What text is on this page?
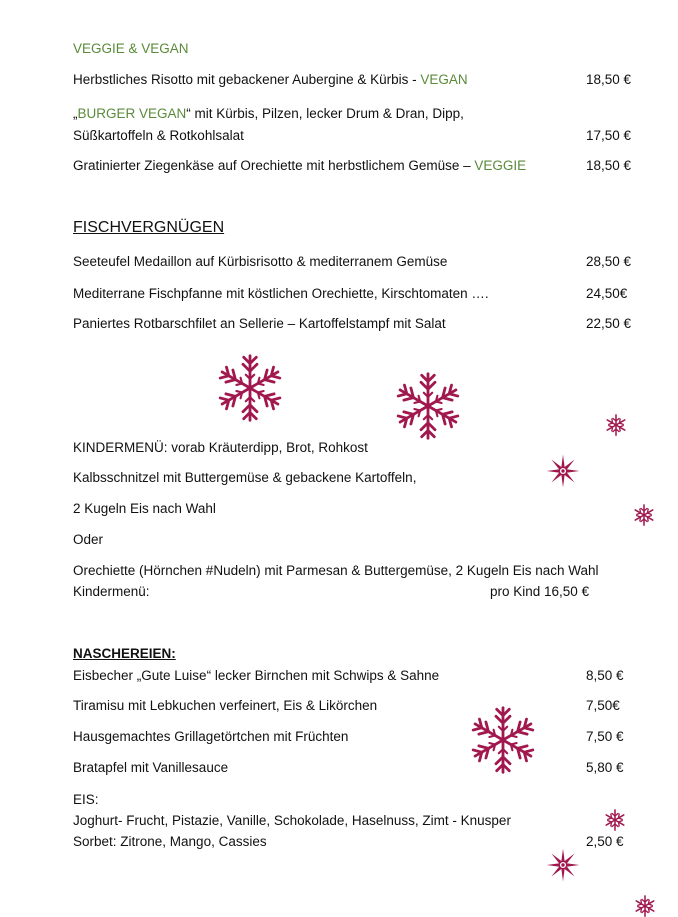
VEGGIE & VEGAN
Herbstliches Risotto mit gebackener Aubergine & Kürbis - VEGAN	18,50 €
„BURGER VEGAN“ mit Kürbis, Pilzen, lecker Drum & Dran, Dipp,
Süßkartoffeln & Rotkohlsalat	17,50 €
Gratinierter Ziegenkäse auf Orechiette mit herbstlichem Gemüse – VEGGIE	18,50 €
FISCHVERGNÜGEN
Seeteufel Medaillon auf Kürbisrisotto & mediterranem Gemüse	28,50 €
Mediterrane Fischpfanne mit köstlichen Orechiette, Kirschtomaten ….	24,50€
Paniertes Rotbarschfilet an Sellerie – Kartoffelstampf mit Salat	22,50 €
KINDERMENÜ: vorab Kräuterdipp, Brot, Rohkost
Kalbsschnitzel mit Buttergemüse & gebackene Kartoffeln,
2 Kugeln Eis nach Wahl
Oder
Orechiette (Hörnchen #Nudeln) mit Parmesan & Buttergemüse, 2 Kugeln Eis nach Wahl
Kindermenü:	pro Kind 16,50 €
NASCHEREIEN:
Eisbecher „Gute Luise“ lecker Birnchen mit Schwips & Sahne	8,50 €
Tiramisu mit Lebkuchen verfeinert, Eis & Likörchen	7,50€
Hausgemachtes Grillagetörtchen mit Früchten	7,50 €
Bratapfel mit Vanillesauce	5,80 €
EIS:
Joghurt- Frucht, Pistazie, Vanille, Schokolade, Haselnuss, Zimt - Knusper
Sorbet: Zitrone, Mango, Cassies	2,50 €
